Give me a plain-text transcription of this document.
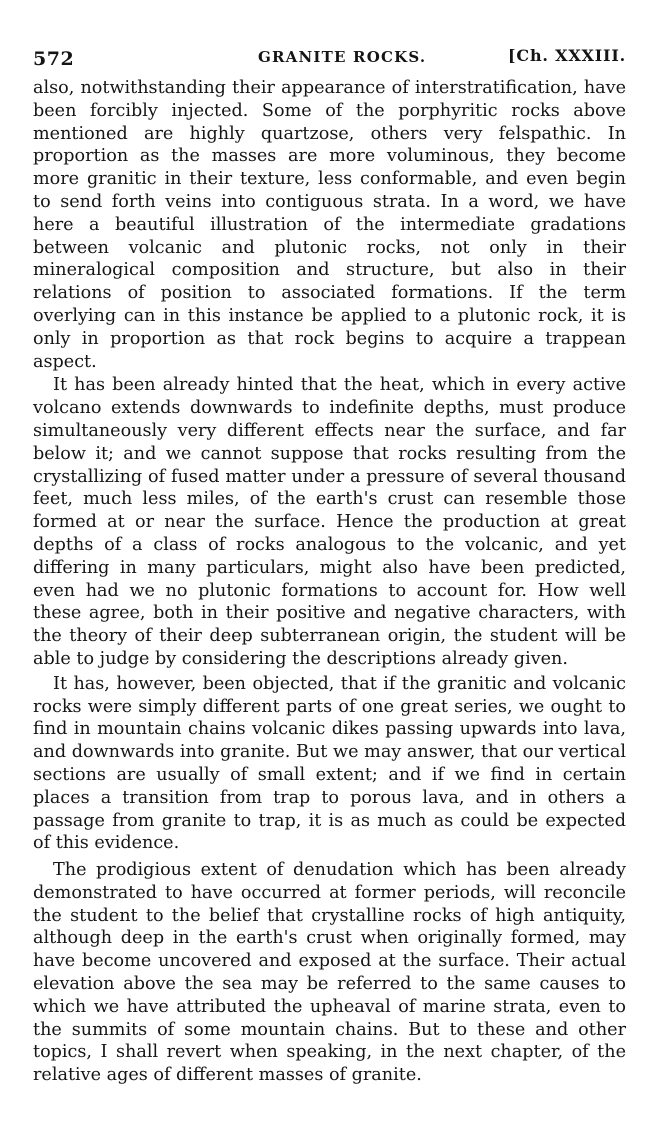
572	GRANITE ROCKS.	[Ch. XXXIII.

also, notwithstanding their appearance of interstratification, have been forcibly injected. Some of the porphyritic rocks above mentioned are highly quartzose, others very felspathic. In proportion as the masses are more voluminous, they become more granitic in their texture, less conformable, and even begin to send forth veins into contiguous strata. In a word, we have here a beautiful illustration of the intermediate gradations between volcanic and plutonic rocks, not only in their mineralogical composition and structure, but also in their relations of position to associated formations. If the term overlying can in this instance be applied to a plutonic rock, it is only in proportion as that rock begins to acquire a trappean aspect.

It has been already hinted that the heat, which in every active volcano extends downwards to indefinite depths, must produce simultaneously very different effects near the surface, and far below it; and we cannot suppose that rocks resulting from the crystallizing of fused matter under a pressure of several thousand feet, much less miles, of the earth's crust can resemble those formed at or near the surface. Hence the production at great depths of a class of rocks analogous to the volcanic, and yet differing in many particulars, might also have been predicted, even had we no plutonic formations to account for. How well these agree, both in their positive and negative characters, with the theory of their deep subterranean origin, the student will be able to judge by considering the descriptions already given.

It has, however, been objected, that if the granitic and volcanic rocks were simply different parts of one great series, we ought to find in mountain chains volcanic dikes passing upwards into lava, and downwards into granite. But we may answer, that our vertical sections are usually of small extent; and if we find in certain places a transition from trap to porous lava, and in others a passage from granite to trap, it is as much as could be expected of this evidence.

The prodigious extent of denudation which has been already demonstrated to have occurred at former periods, will reconcile the student to the belief that crystalline rocks of high antiquity, although deep in the earth's crust when originally formed, may have become uncovered and exposed at the surface. Their actual elevation above the sea may be referred to the same causes to which we have attributed the upheaval of marine strata, even to the summits of some mountain chains. But to these and other topics, I shall revert when speaking, in the next chapter, of the relative ages of different masses of granite.
